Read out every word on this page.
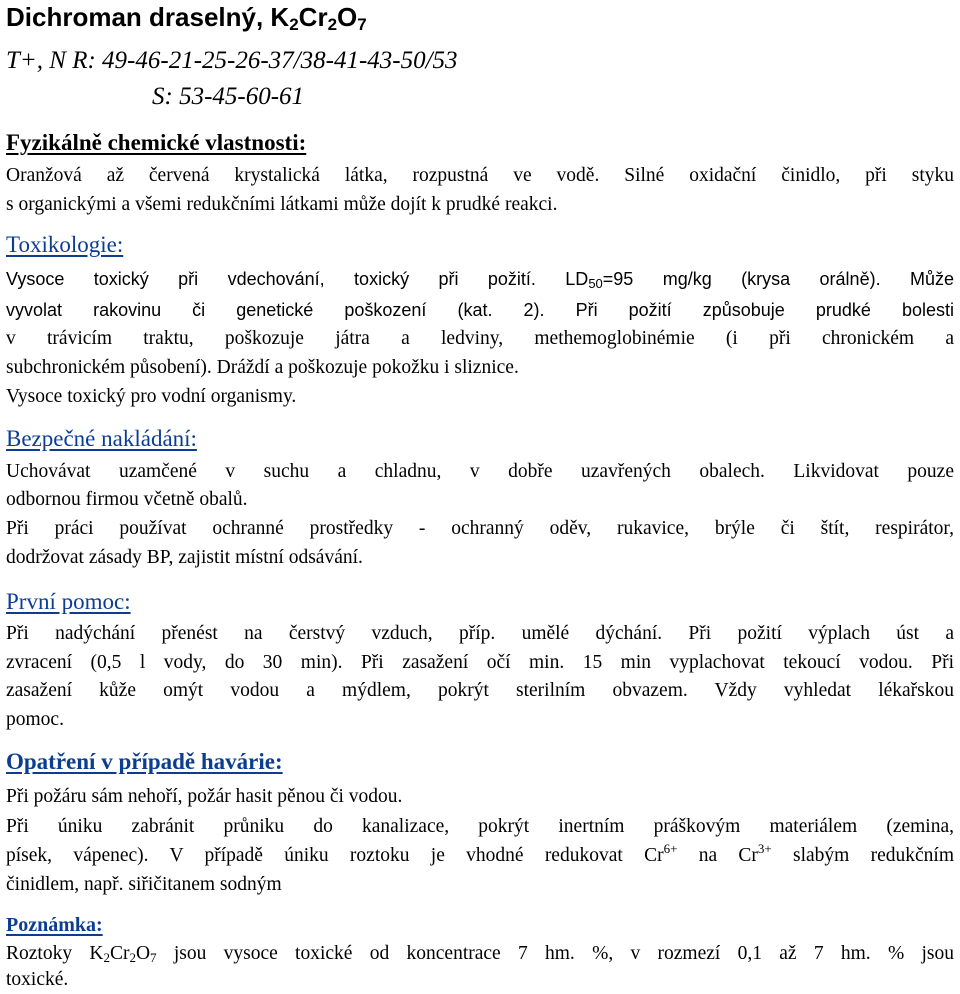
Dichroman draselný, $K_2Cr_2O_7$
T+, N R: 49-46-21-25-26-37/38-41-43-50/53
S: 53-45-60-61
Fyzikálně chemické vlastnosti:
Oranžová až červená krystalická látka, rozpustná ve vodě. Silné oxidační činidlo, při styku
s organickými a všemi redukčními látkami může dojít k prudké reakci.
Toxikologie:
Vysoce toxický při vdechování, toxický při požití. $LD_{50}=95$ mg/kg (krysa orálně). Může
vyvolat rakovinu či genetické poškození (kat. 2). Při požití způsobuje prudké bolesti
v trávicím traktu, poškozuje játra a ledviny, methemoglobinémie (i při chronickém a
subchronickém působení). Dráždí a poškozuje pokožku i sliznice.
Vysoce toxický pro vodní organismy.
Bezpečné nakládání:
Uchovávat uzamčené v suchu a chladnu, v dobře uzavřených obalech. Likvidovat pouze
odbornou firmou včetně obalů.
Při práci používat ochranné prostředky - ochranný oděv, rukavice, brýle či štít, respirátor,
dodržovat zásady BP, zajistit místní odsávání.
První pomoc:
Při nadýchání přenést na čerstvý vzduch, příp. umělé dýchání. Při požití výplach úst a
zvracení (0,5 l vody, do 30 min). Při zasažení očí min. 15 min vyplachovat tekoucí vodou. Při
zasažení kůže omýt vodou a mýdlem, pokrýt sterilním obvazem. Vždy vyhledat lékařskou
pomoc.
Opatření v případě havárie:
Při požáru sám nehoří, požár hasit pěnou či vodou.
Při úniku zabránit průniku do kanalizace, pokrýt inertním práškovým materiálem (zemina,
písek, vápenec). V případě úniku roztoku je vhodné redukovat $Cr^{6+}$ na $Cr^{3+}$ slabým redukčním
činidlem, např. siřičitanem sodným
Poznámka:
Roztoky $K_2Cr_2O_7$ jsou vysoce toxické od koncentrace 7 hm. %, v rozmezí 0,1 až 7 hm. % jsou
toxické.
